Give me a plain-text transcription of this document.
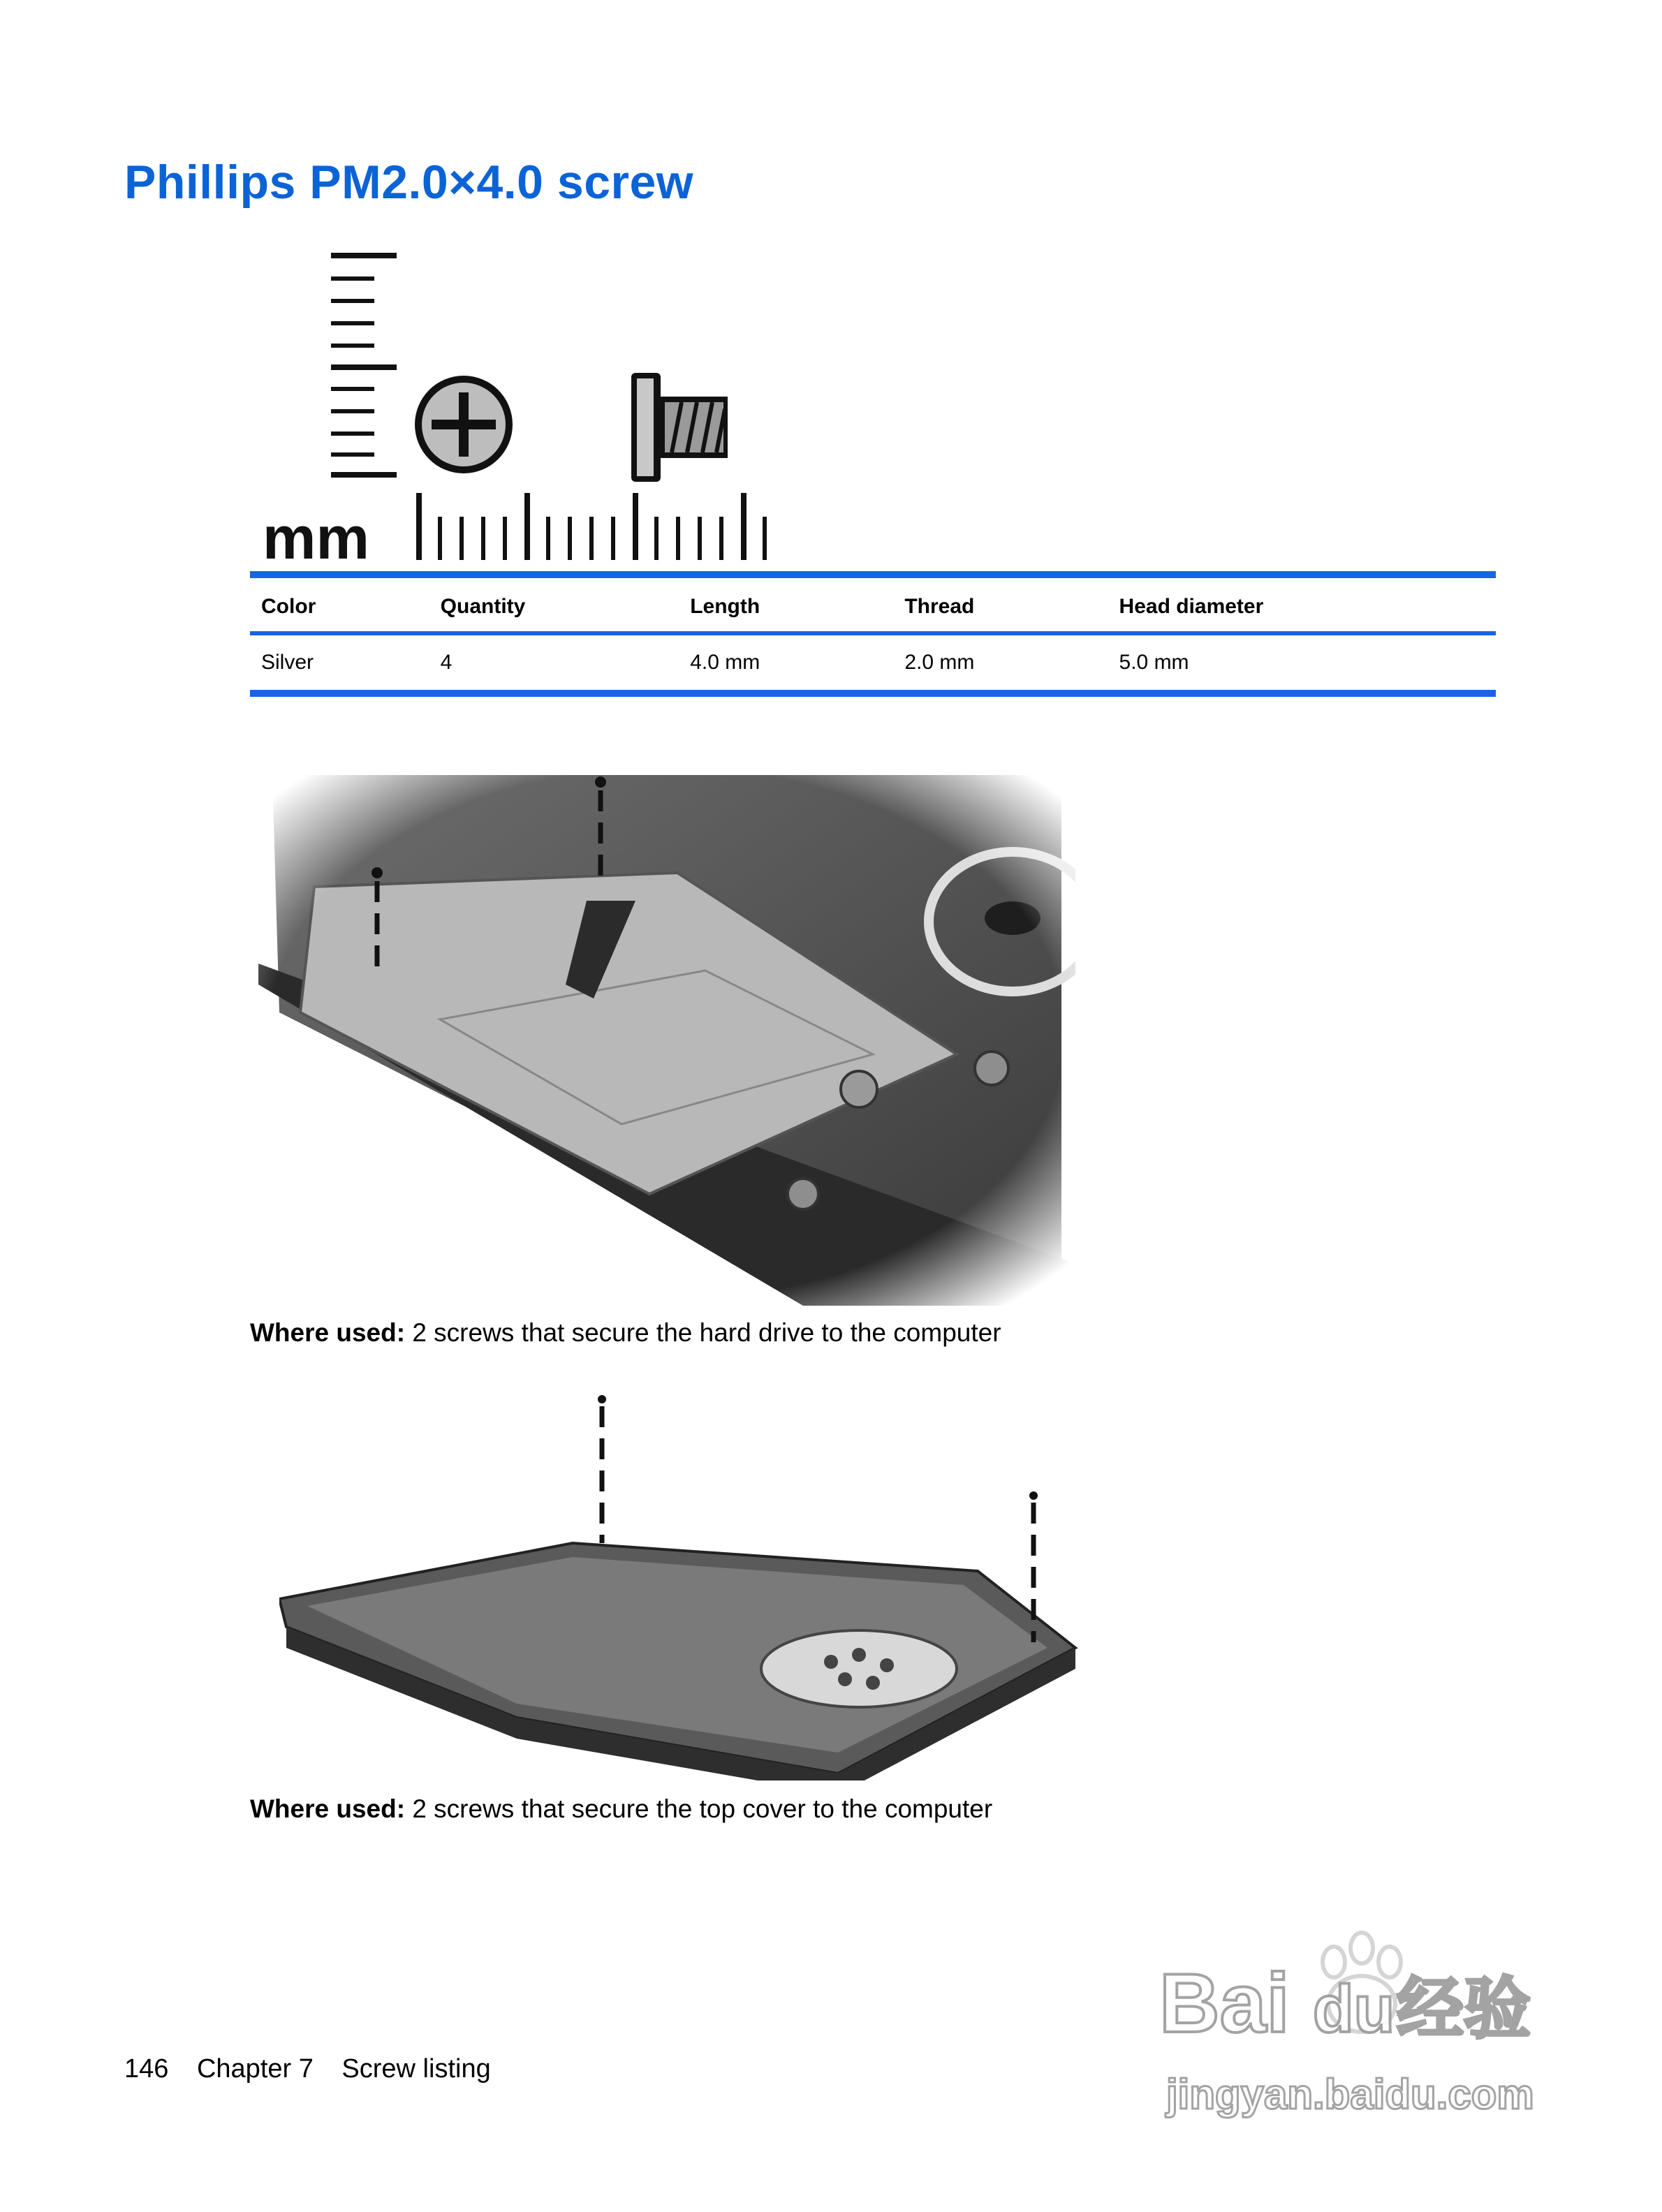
Phillips PM2.0×4.0 screw
mm

Color	Quantity	Length	Thread	Head diameter
Silver	4	4.0 mm	2.0 mm	5.0 mm

Where used: 2 screws that secure the hard drive to the computer

Where used: 2 screws that secure the top cover to the computer

146 Chapter 7 Screw listing
Bai du 经验
jingyan.baidu.com
